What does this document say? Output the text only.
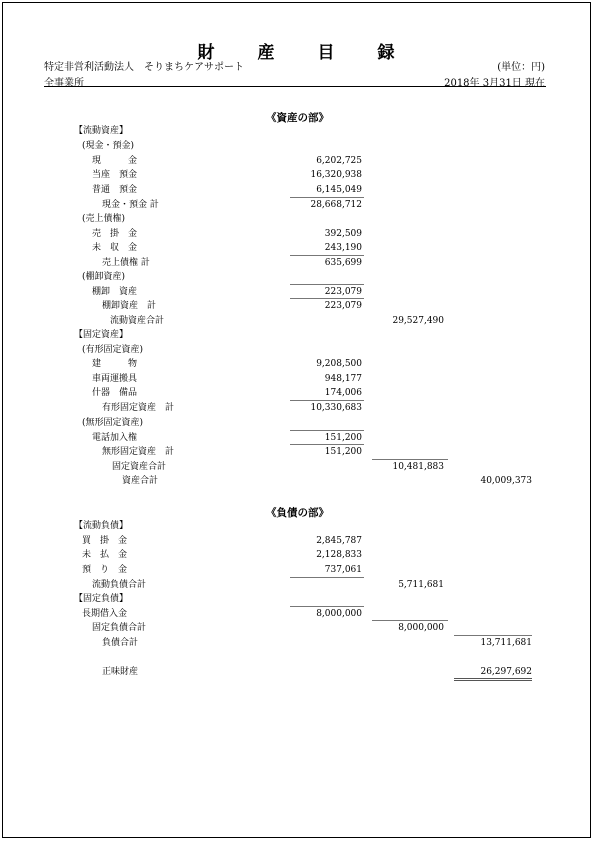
財　産　目　録
特定非営利活動法人　そりまちケアサポート	(単位：円)
全事業所	2018年 3月31日 現在
《資産の部》
【流動資産】
(現金・預金)
現　　　金	6,202,725
当座　預金	16,320,938
普通　預金	6,145,049
現金・預金 計	28,668,712
(売上債権)
売　掛　金	392,509
未　収　金	243,190
売上債権 計	635,699
(棚卸資産)
棚卸　資産	223,079
棚卸資産　計	223,079
流動資産合計	29,527,490
【固定資産】
(有形固定資産)
建　　　物	9,208,500
車両運搬具	948,177
什器　備品	174,006
有形固定資産　計	10,330,683
(無形固定資産)
電話加入権	151,200
無形固定資産　計	151,200
固定資産合計	10,481,883
資産合計	40,009,373
《負債の部》
【流動負債】
買　掛　金	2,845,787
未　払　金	2,128,833
預　り　金	737,061
流動負債合計	5,711,681
【固定負債】
長期借入金	8,000,000
固定負債合計	8,000,000
負債合計	13,711,681
正味財産	26,297,692
